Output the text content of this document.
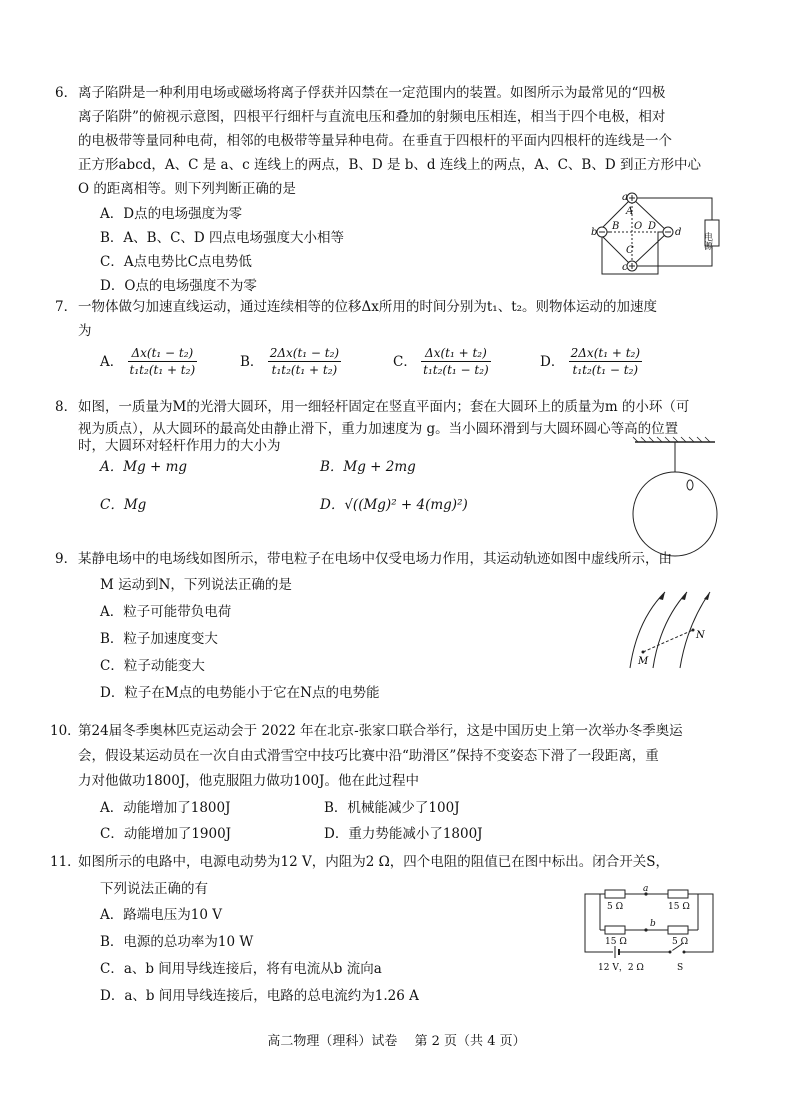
6． 离子陷阱是一种利用电场或磁场将离子俘获并囚禁在一定范围内的装置。如图所示为最常见的“四极
离子陷阱”的俯视示意图，四根平行细杆与直流电压和叠加的射频电压相连，相当于四个电极，相对
的电极带等量同种电荷，相邻的电极带等量异种电荷。在垂直于四根杆的平面内四根杆的连线是一个
正方形abcd，A、C 是 a、c 连线上的两点，B、D 是 b、d 连线上的两点，A、C、B、D 到正方形中心
O 的距离相等。则下列判断正确的是
A．D点的电场强度为零
B．A、B、C、D 四点电场强度大小相等
C．A点电势比C点电势低
D．O点的电场强度不为零
a
c
b	d
A
C
B	D
O
电源
7． 一物体做匀加速直线运动，通过连续相等的位移Δx所用的时间分别为t₁、t₂。则物体运动的加速度
为
A． $\frac{\text{Δx(t₁ − t₂)}}{\text{t₁t₂(t₁ + t₂)}}$	B． $\frac{\text{2Δx(t₁ − t₂)}}{\text{t₁t₂(t₁ + t₂)}}$	C． $\frac{\text{Δx(t₁ + t₂)}}{\text{t₁t₂(t₁ − t₂)}}$	D． $\frac{\text{2Δx(t₁ + t₂)}}{\text{t₁t₂(t₁ − t₂)}}$
8． 如图，一质量为M的光滑大圆环，用一细轻杆固定在竖直平面内；套在大圆环上的质量为m 的小环（可
视为质点），从大圆环的最高处由静止滑下，重力加速度为 g。当小圆环滑到与大圆环圆心等高的位置
时，大圆环对轻杆作用力的大小为
A．Mg + mg	B．Mg + 2mg
C．Mg	D．√((Mg)² + 4(mg)²)
9． 某静电场中的电场线如图所示，带电粒子在电场中仅受电场力作用，其运动轨迹如图中虚线所示，由
M 运动到N，下列说法正确的是
A．粒子可能带负电荷
B．粒子加速度变大
C．粒子动能变大
D．粒子在M点的电势能小于它在N点的电势能
M
N
10．
第24届冬季奥林匹克运动会于 2022 年在北京-张家口联合举行，这是中国历史上第一次举办冬季奥运
会，假设某运动员在一次自由式滑雪空中技巧比赛中沿“助滑区”保持不变姿态下滑了一段距离，重
力对他做功1800J，他克服阻力做功100J。他在此过程中
A．动能增加了1800J	B．机械能减少了100J
C．动能增加了1900J	D．重力势能减小了1800J
11．
如图所示的电路中，电源电动势为12 V，内阻为2 Ω，四个电阻的阻值已在图中标出。闭合开关S，
下列说法正确的有
A．路端电压为10 V
B．电源的总功率为10 W
C．a、b 间用导线连接后，将有电流从b 流向a
D．a、b 间用导线连接后，电路的总电流约为1.26 A
5 Ω	15 Ω
15 Ω	5 Ω
a
b
12 V，2 Ω	S
高二物理（理科）试卷　 第 2 页（共 4 页）
